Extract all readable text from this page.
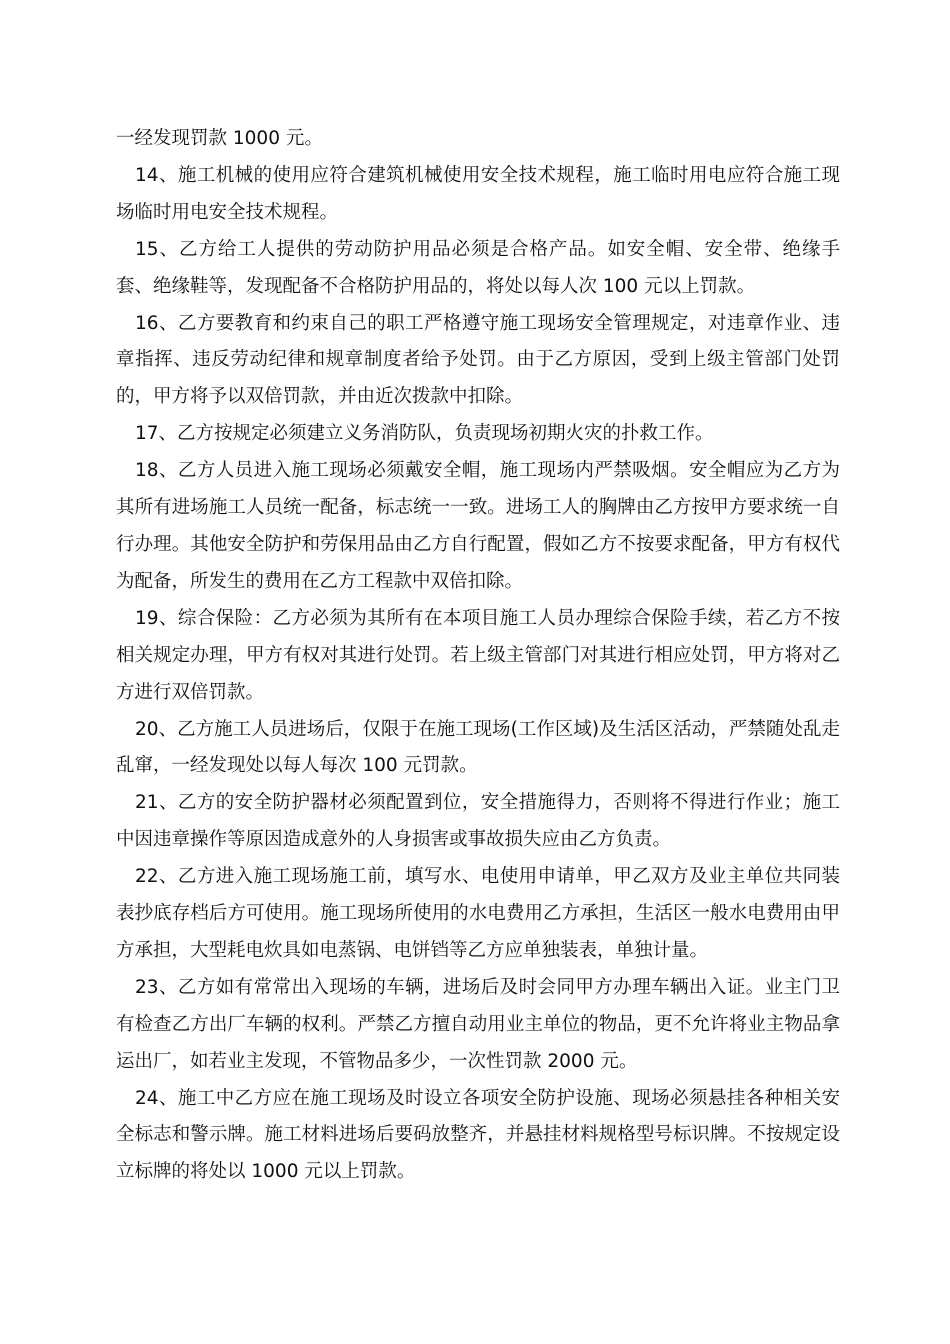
一经发现罚款 1000 元。

14、施工机械的使用应符合建筑机械使用安全技术规程，施工临时用电应符合施工现场临时用电安全技术规程。

15、乙方给工人提供的劳动防护用品必须是合格产品。如安全帽、安全带、绝缘手套、绝缘鞋等，发现配备不合格防护用品的，将处以每人次 100 元以上罚款。

16、乙方要教育和约束自己的职工严格遵守施工现场安全管理规定，对违章作业、违章指挥、违反劳动纪律和规章制度者给予处罚。由于乙方原因，受到上级主管部门处罚的，甲方将予以双倍罚款，并由近次拨款中扣除。

17、乙方按规定必须建立义务消防队，负责现场初期火灾的扑救工作。

18、乙方人员进入施工现场必须戴安全帽，施工现场内严禁吸烟。安全帽应为乙方为其所有进场施工人员统一配备，标志统一一致。进场工人的胸牌由乙方按甲方要求统一自行办理。其他安全防护和劳保用品由乙方自行配置，假如乙方不按要求配备，甲方有权代为配备，所发生的费用在乙方工程款中双倍扣除。

19、综合保险：乙方必须为其所有在本项目施工人员办理综合保险手续，若乙方不按相关规定办理，甲方有权对其进行处罚。若上级主管部门对其进行相应处罚，甲方将对乙方进行双倍罚款。

20、乙方施工人员进场后，仅限于在施工现场(工作区域)及生活区活动，严禁随处乱走乱窜，一经发现处以每人每次 100 元罚款。

21、乙方的安全防护器材必须配置到位，安全措施得力，否则将不得进行作业；施工中因违章操作等原因造成意外的人身损害或事故损失应由乙方负责。

22、乙方进入施工现场施工前，填写水、电使用申请单，甲乙双方及业主单位共同装表抄底存档后方可使用。施工现场所使用的水电费用乙方承担，生活区一般水电费用由甲方承担，大型耗电炊具如电蒸锅、电饼铛等乙方应单独装表，单独计量。

23、乙方如有常常出入现场的车辆，进场后及时会同甲方办理车辆出入证。业主门卫有检查乙方出厂车辆的权利。严禁乙方擅自动用业主单位的物品，更不允许将业主物品拿运出厂，如若业主发现，不管物品多少，一次性罚款 2000 元。

24、施工中乙方应在施工现场及时设立各项安全防护设施、现场必须悬挂各种相关安全标志和警示牌。施工材料进场后要码放整齐，并悬挂材料规格型号标识牌。不按规定设立标牌的将处以 1000 元以上罚款。
